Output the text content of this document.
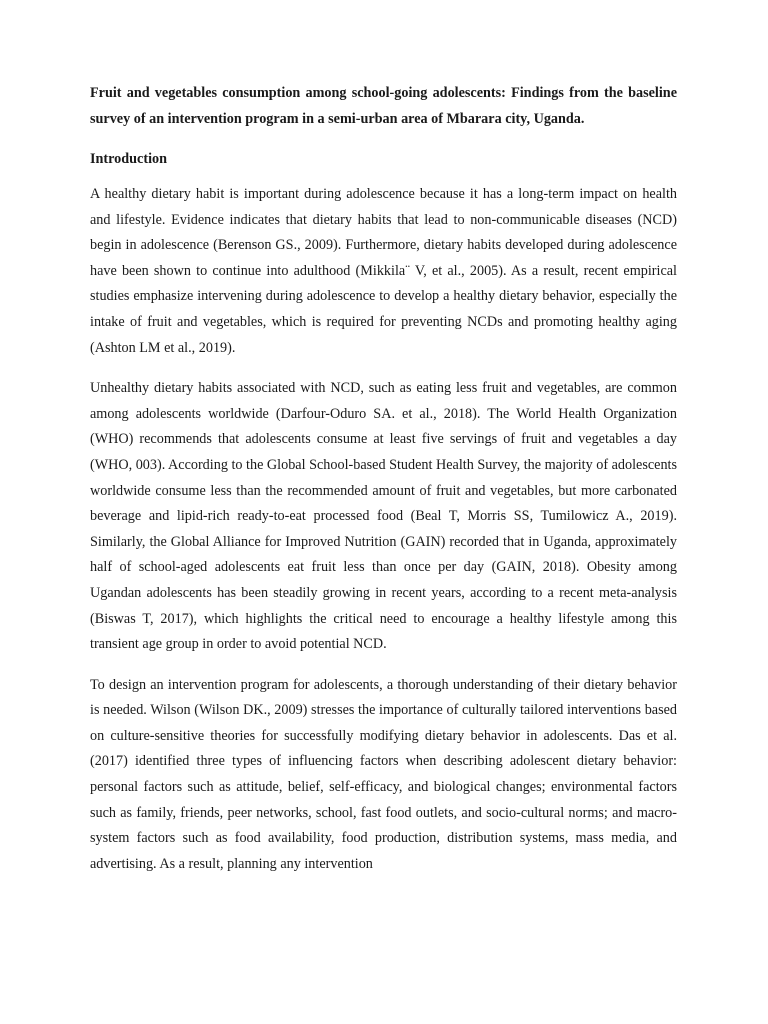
Fruit and vegetables consumption among school-going adolescents: Findings from the baseline survey of an intervention program in a semi-urban area of Mbarara city, Uganda.

Introduction

A healthy dietary habit is important during adolescence because it has a long-term impact on health and lifestyle. Evidence indicates that dietary habits that lead to non-communicable diseases (NCD) begin in adolescence (Berenson GS., 2009). Furthermore, dietary habits developed during adolescence have been shown to continue into adulthood (Mikkila¨ V, et al., 2005). As a result, recent empirical studies emphasize intervening during adolescence to develop a healthy dietary behavior, especially the intake of fruit and vegetables, which is required for preventing NCDs and promoting healthy aging (Ashton LM et al., 2019).

Unhealthy dietary habits associated with NCD, such as eating less fruit and vegetables, are common among adolescents worldwide (Darfour-Oduro SA. et al., 2018). The World Health Organization (WHO) recommends that adolescents consume at least five servings of fruit and vegetables a day (WHO, 003). According to the Global School-based Student Health Survey, the majority of adolescents worldwide consume less than the recommended amount of fruit and vegetables, but more carbonated beverage and lipid-rich ready-to-eat processed food (Beal T, Morris SS, Tumilowicz A., 2019). Similarly, the Global Alliance for Improved Nutrition (GAIN) recorded that in Uganda, approximately half of school-aged adolescents eat fruit less than once per day (GAIN, 2018). Obesity among Ugandan adolescents has been steadily growing in recent years, according to a recent meta-analysis (Biswas T, 2017), which highlights the critical need to encourage a healthy lifestyle among this transient age group in order to avoid potential NCD.

To design an intervention program for adolescents, a thorough understanding of their dietary behavior is needed. Wilson (Wilson DK., 2009) stresses the importance of culturally tailored interventions based on culture-sensitive theories for successfully modifying dietary behavior in adolescents. Das et al. (2017) identified three types of influencing factors when describing adolescent dietary behavior: personal factors such as attitude, belief, self-efficacy, and biological changes; environmental factors such as family, friends, peer networks, school, fast food outlets, and socio-cultural norms; and macro-system factors such as food availability, food production, distribution systems, mass media, and advertising. As a result, planning any intervention
